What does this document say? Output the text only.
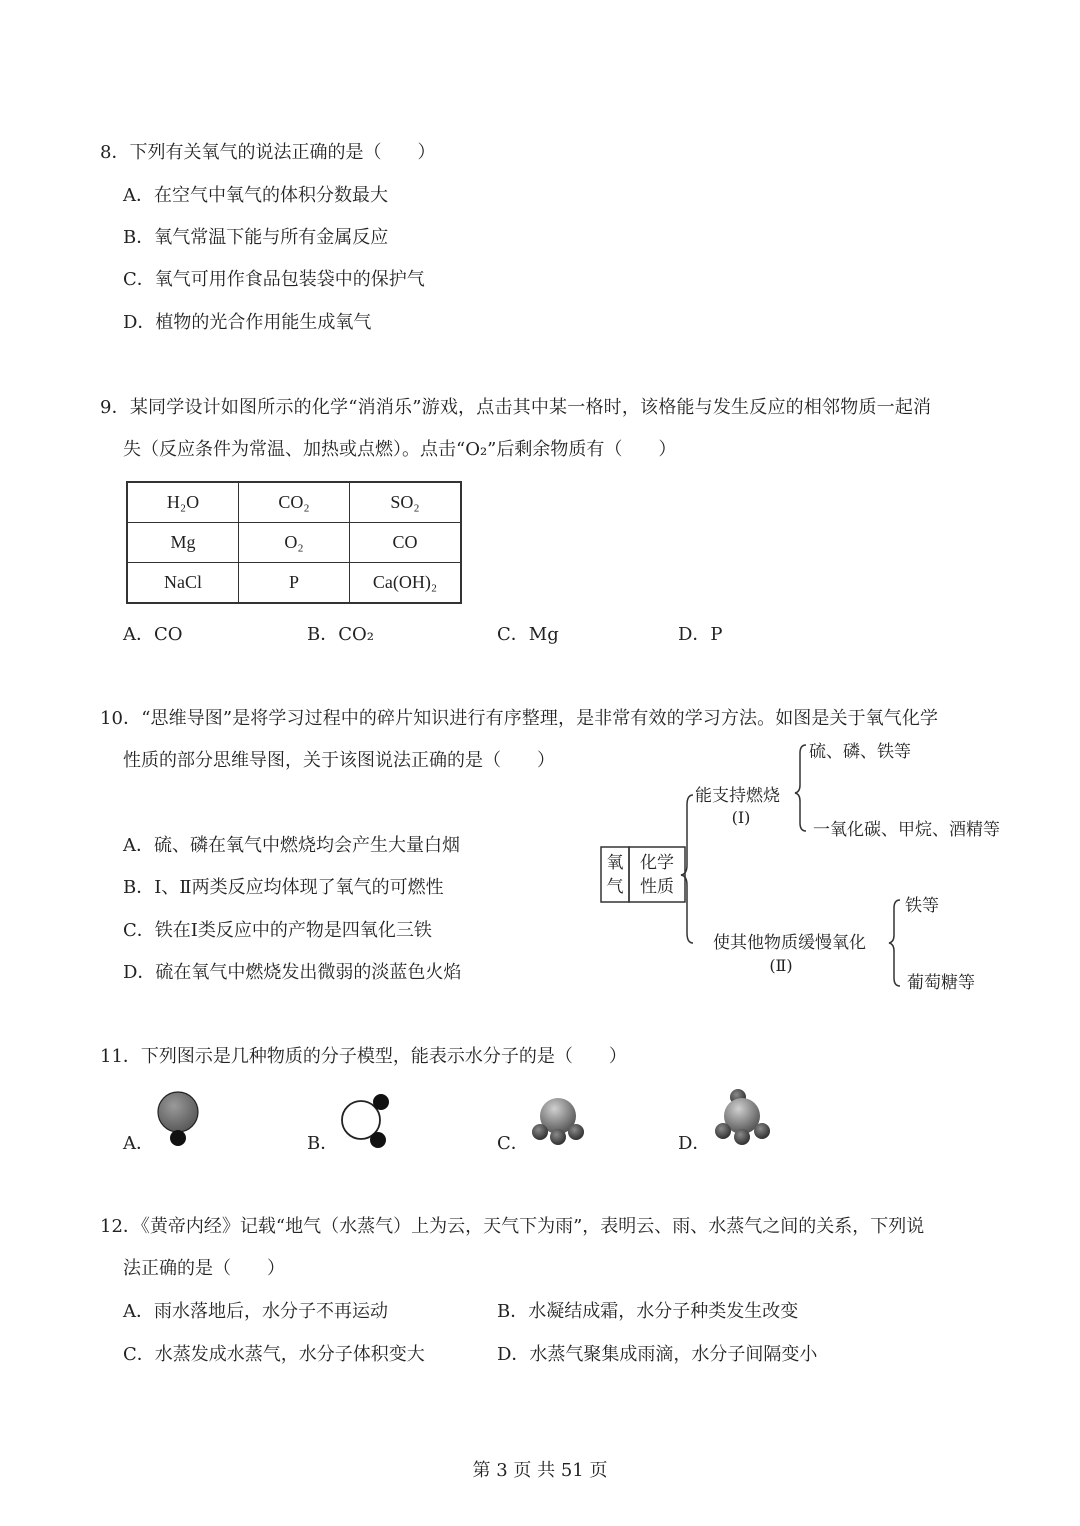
8．下列有关氧气的说法正确的是（　　）
A．在空气中氧气的体积分数最大
B．氧气常温下能与所有金属反应
C．氧气可用作食品包装袋中的保护气
D．植物的光合作用能生成氧气
9．某同学设计如图所示的化学“消消乐”游戏，点击其中某一格时，该格能与发生反应的相邻物质一起消
失（反应条件为常温、加热或点燃）。点击“O₂”后剩余物质有（　　）
H₂O	CO₂	SO₂
Mg	O₂	CO
NaCl	P	Ca(OH)₂
A．CO	B．CO₂	C．Mg	D．P
10．“思维导图”是将学习过程中的碎片知识进行有序整理，是非常有效的学习方法。如图是关于氧气化学
性质的部分思维导图，关于该图说法正确的是（　　）
A．硫、磷在氧气中燃烧均会产生大量白烟
B．Ⅰ、Ⅱ两类反应均体现了氧气的可燃性
C．铁在Ⅰ类反应中的产物是四氧化三铁
D．硫在氧气中燃烧发出微弱的淡蓝色火焰
氧
气
化学
性质
能支持燃烧
(Ⅰ)
硫、磷、铁等
一氧化碳、甲烷、酒精等
使其他物质缓慢氧化
(Ⅱ)
铁等
葡萄糖等
11．下列图示是几种物质的分子模型，能表示水分子的是（　　）
A．	B．	C．	D．
12．《黄帝内经》记载“地气（水蒸气）上为云，天气下为雨”，表明云、雨、水蒸气之间的关系，下列说
法正确的是（　　）
A．雨水落地后，水分子不再运动	B．水凝结成霜，水分子种类发生改变
C．水蒸发成水蒸气，水分子体积变大	D．水蒸气聚集成雨滴，水分子间隔变小
第 3 页 共 51 页
